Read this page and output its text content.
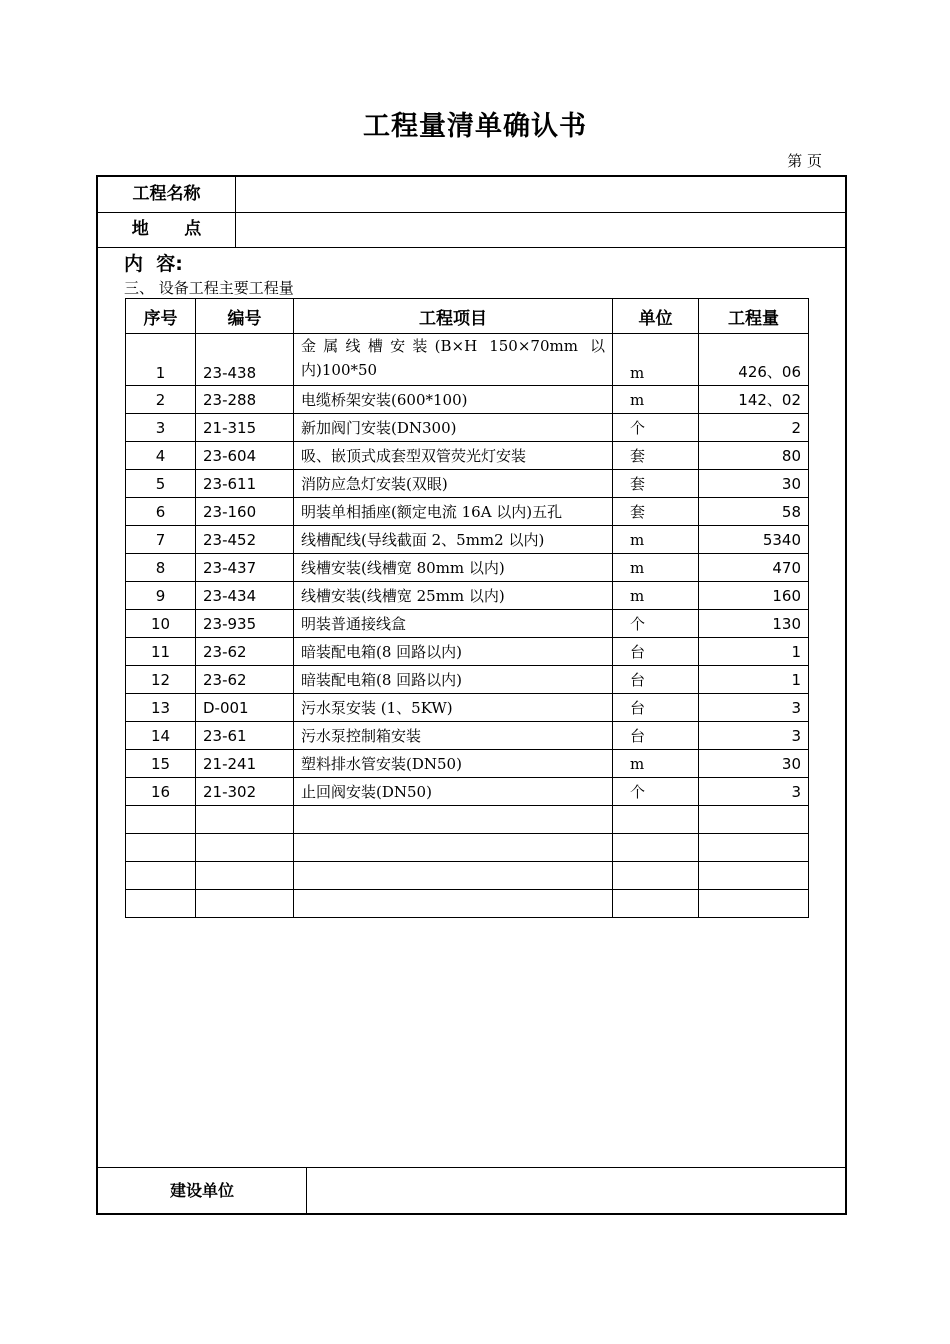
工程量清单确认书
第 页
工程名称
地      点
内  容:
三、 设备工程主要工程量
序号	编号	工程项目	单位	工程量
1	23-438	金属线槽安装(B×H 150×70mm 以内)100*50	m	426、06
2	23-288	电缆桥架安装(600*100)	m	142、02
3	21-315	新加阀门安装(DN300)	个	2
4	23-604	吸、嵌顶式成套型双管荧光灯安装	套	80
5	23-611	消防应急灯安装(双眼)	套	30
6	23-160	明装单相插座(额定电流 16A 以内)五孔	套	58
7	23-452	线槽配线(导线截面 2、5mm2 以内)	m	5340
8	23-437	线槽安装(线槽宽 80mm 以内)	m	470
9	23-434	线槽安装(线槽宽 25mm 以内)	m	160
10	23-935	明装普通接线盒	个	130
11	23-62	暗装配电箱(8 回路以内)	台	1
12	23-62	暗装配电箱(8 回路以内)	台	1
13	D-001	污水泵安装 (1、5KW)	台	3
14	23-61	污水泵控制箱安装	台	3
15	21-241	塑料排水管安装(DN50)	m	30
16	21-302	止回阀安装(DN50)	个	3

建设单位
